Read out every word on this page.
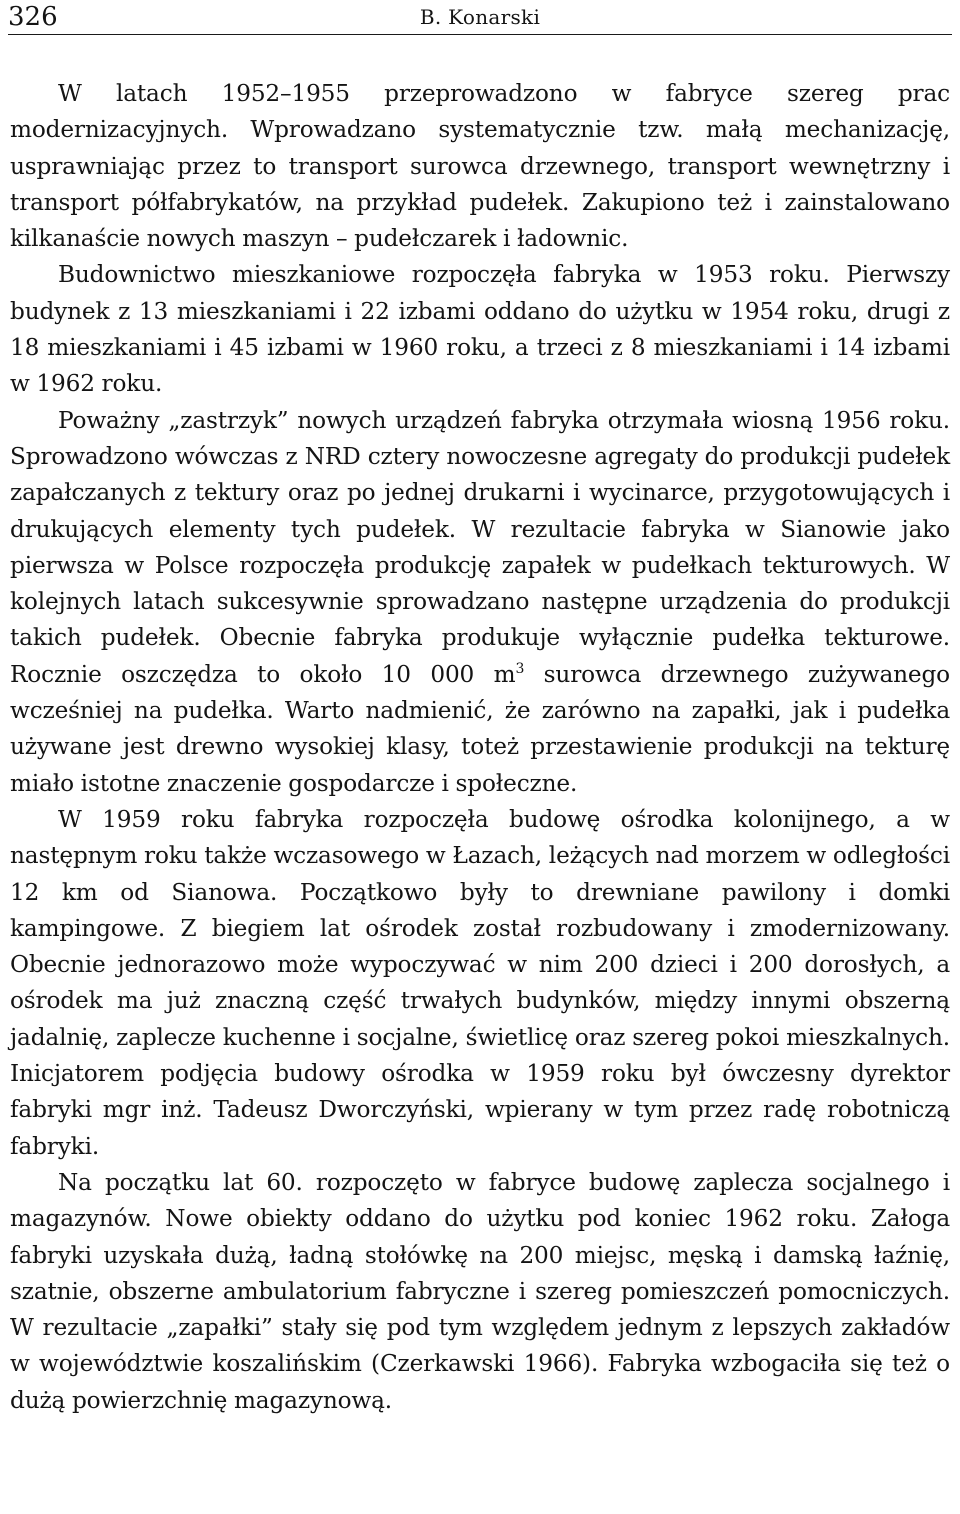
326	B. Konarski

W latach 1952–1955 przeprowadzono w fabryce szereg prac modernizacyjnych. Wprowadzano systematycznie tzw. małą mechanizację, usprawniając przez to transport surowca drzewnego, transport wewnętrzny i transport półfabrykatów, na przykład pudełek. Zakupiono też i zainstalowano kilkanaście nowych maszyn – pudełczarek i ładownic.

Budownictwo mieszkaniowe rozpoczęła fabryka w 1953 roku. Pierwszy budynek z 13 mieszkaniami i 22 izbami oddano do użytku w 1954 roku, drugi z 18 mieszkaniami i 45 izbami w 1960 roku, a trzeci z 8 mieszkaniami i 14 izbami w 1962 roku.

Poważny „zastrzyk” nowych urządzeń fabryka otrzymała wiosną 1956 roku. Sprowadzono wówczas z NRD cztery nowoczesne agregaty do produkcji pudełek zapałczanych z tektury oraz po jednej drukarni i wycinarce, przygotowujących i drukujących elementy tych pudełek. W rezultacie fabryka w Sianowie jako pierwsza w Polsce rozpoczęła produkcję zapałek w pudełkach tekturowych. W kolejnych latach sukcesywnie sprowadzano następne urządzenia do produkcji takich pudełek. Obecnie fabryka produkuje wyłącznie pudełka tekturowe. Rocznie oszczędza to około 10 000 $m^3$ surowca drzewnego zużywanego wcześniej na pudełka. Warto nadmienić, że zarówno na zapałki, jak i pudełka używane jest drewno wysokiej klasy, toteż przestawienie produkcji na tekturę miało istotne znaczenie gospodarcze i społeczne.

W 1959 roku fabryka rozpoczęła budowę ośrodka kolonijnego, a w następnym roku także wczasowego w Łazach, leżących nad morzem w odległości 12 km od Sianowa. Początkowo były to drewniane pawilony i domki kampingowe. Z biegiem lat ośrodek został rozbudowany i zmodernizowany. Obecnie jednorazowo może wypoczywać w nim 200 dzieci i 200 dorosłych, a ośrodek ma już znaczną część trwałych budynków, między innymi obszerną jadalnię, zaplecze kuchenne i socjalne, świetlicę oraz szereg pokoi mieszkalnych. Inicjatorem podjęcia budowy ośrodka w 1959 roku był ówczesny dyrektor fabryki mgr inż. Tadeusz Dworczyński, wpierany w tym przez radę robotniczą fabryki.

Na początku lat 60. rozpoczęto w fabryce budowę zaplecza socjalnego i magazynów. Nowe obiekty oddano do użytku pod koniec 1962 roku. Załoga fabryki uzyskała dużą, ładną stołówkę na 200 miejsc, męską i damską łaźnię, szatnie, obszerne ambulatorium fabryczne i szereg pomieszczeń pomocniczych. W rezultacie „zapałki” stały się pod tym względem jednym z lepszych zakładów w województwie koszalińskim (Czerkawski 1966). Fabryka wzbogaciła się też o dużą powierzchnię magazynową.
